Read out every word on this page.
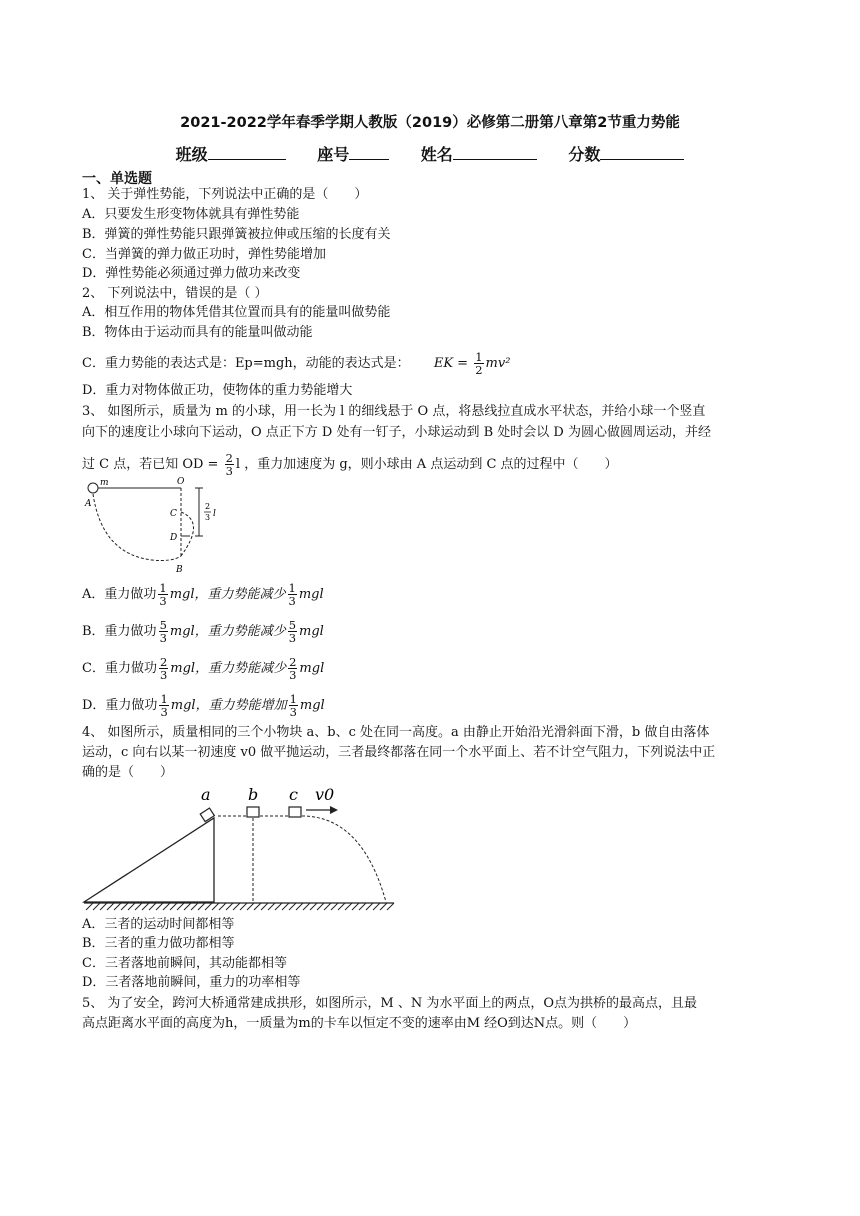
2021-2022学年春季学期人教版（2019）必修第二册第八章第2节重力势能
班级	座号	姓名	分数
一、单选题
1、 关于弹性势能，下列说法中正确的是（　　）
A．只要发生形变物体就具有弹性势能
B．弹簧的弹性势能只跟弹簧被拉伸或压缩的长度有关
C．当弹簧的弹力做正功时，弹性势能增加
D．弹性势能必须通过弹力做功来改变
2、 下列说法中，错误的是（ ）
A．相互作用的物体凭借其位置而具有的能量叫做势能
B．物体由于运动而具有的能量叫做动能
C．重力势能的表达式是：Ep=mgh，动能的表达式是： EK = $\frac{1}{2} mv^2$
D．重力对物体做正功，使物体的重力势能增大
3、 如图所示，质量为 m 的小球，用一长为 l 的细线悬于 O 点，将悬线拉直成水平状态，并给小球一个竖直
向下的速度让小球向下运动，O 点正下方 D 处有一钉子，小球运动到 B 处时会以 D 为圆心做圆周运动，并经
过 C 点，若已知 OD = $\frac{2}{3}$ l ，重力加速度为 g，则小球由 A 点运动到 C 点的过程中（　　）
m	O
A
C
D
B
2
3 l
A．重力做功 $\frac{1}{3}$ mgl，重力势能减少 $\frac{1}{3}$ mgl
B．重力做功 $\frac{5}{3}$ mgl，重力势能减少 $\frac{5}{3}$ mgl
C．重力做功 $\frac{2}{3}$ mgl，重力势能减少 $\frac{2}{3}$ mgl
D．重力做功 $\frac{1}{3}$ mgl，重力势能增加 $\frac{1}{3}$ mgl
4、 如图所示，质量相同的三个小物块 a、b、c 处在同一高度。a 由静止开始沿光滑斜面下滑，b 做自由落体
运动，c 向右以某一初速度 v0 做平抛运动，三者最终都落在同一个水平面上、若不计空气阻力，下列说法中正
确的是（　　）
a b c v0
A．三者的运动时间都相等
B．三者的重力做功都相等
C．三者落地前瞬间，其动能都相等
D．三者落地前瞬间，重力的功率相等
5、 为了安全，跨河大桥通常建成拱形，如图所示，M 、N 为水平面上的两点，O点为拱桥的最高点，且最
高点距离水平面的高度为h，一质量为m的卡车以恒定不变的速率由M 经O到达N点。则（　　）
